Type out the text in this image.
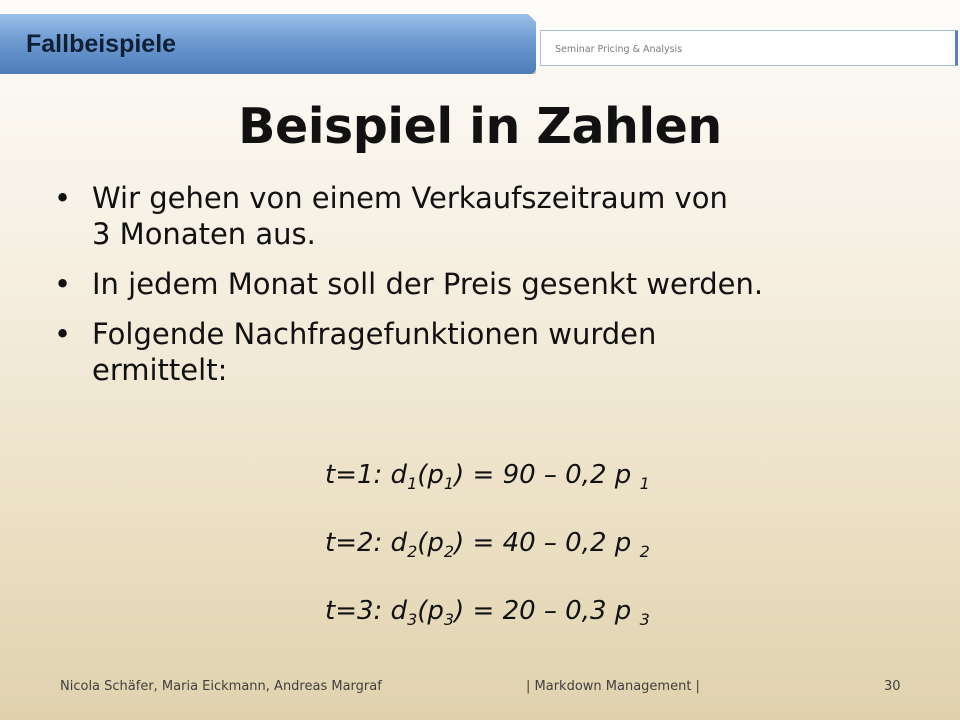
Fallbeispiele	Seminar Pricing & Analysis
Beispiel in Zahlen
• Wir gehen von einem Verkaufszeitraum von
3 Monaten aus.
• In jedem Monat soll der Preis gesenkt werden.
• Folgende Nachfragefunktionen wurden
ermittelt:
t=1: $d_1(p_1) = 90 - 0,2$ p $_1$
t=2: $d_2(p_2) = 40 - 0,2$ p $_2$
t=3: $d_3(p_3) = 20 - 0,3$ p $_3$
Nicola Schäfer, Maria Eickmann, Andreas Margraf	| Markdown Management |	30
